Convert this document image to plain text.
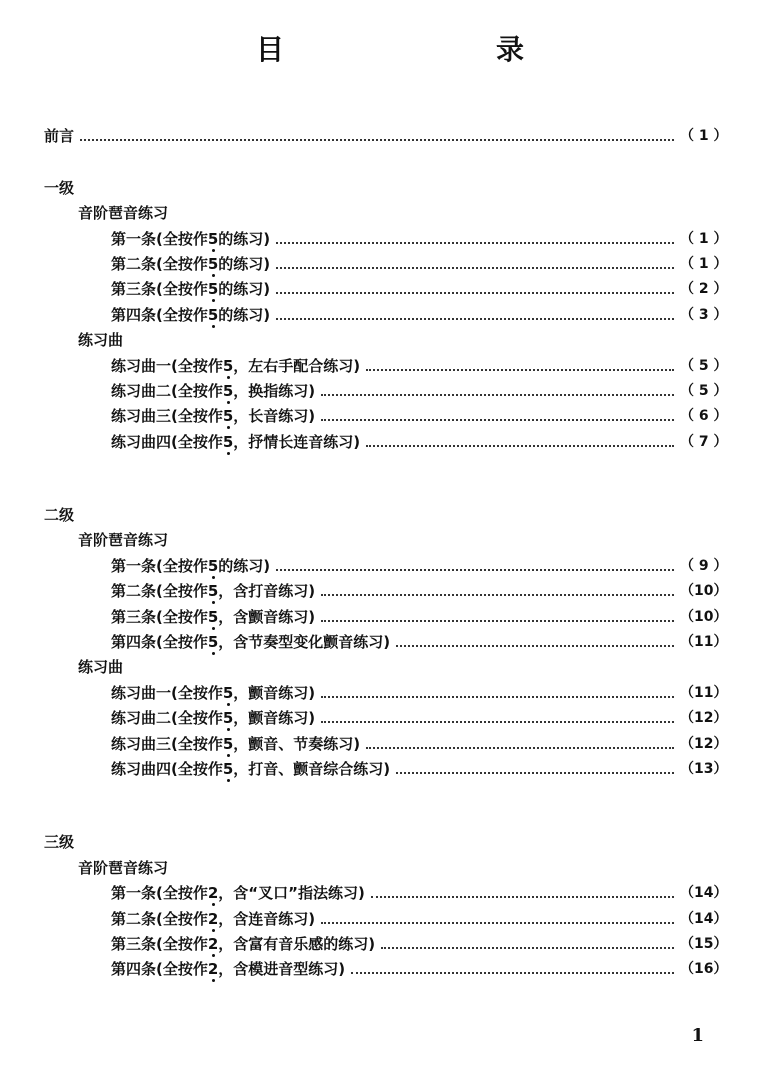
目　　录
前言	（ 1 ）
一级
音阶琶音练习
第一条(全按作5的练习)	（ 1 ）
第二条(全按作5的练习)	（ 1 ）
第三条(全按作5的练习)	（ 2 ）
第四条(全按作5的练习)	（ 3 ）
练习曲
练习曲一(全按作5，左右手配合练习)	（ 5 ）
练习曲二(全按作5，换指练习)	（ 5 ）
练习曲三(全按作5，长音练习)	（ 6 ）
练习曲四(全按作5，抒情长连音练习)	（ 7 ）
二级
音阶琶音练习
第一条(全按作5的练习)	（ 9 ）
第二条(全按作5，含打音练习)	（10）
第三条(全按作5，含颤音练习)	（10）
第四条(全按作5，含节奏型变化颤音练习)	（11）
练习曲
练习曲一(全按作5，颤音练习)	（11）
练习曲二(全按作5，颤音练习)	（12）
练习曲三(全按作5，颤音、节奏练习)	（12）
练习曲四(全按作5，打音、颤音综合练习)	（13）
三级
音阶琶音练习
第一条(全按作2，含“叉口”指法练习)	（14）
第二条(全按作2，含连音练习)	（14）
第三条(全按作2，含富有音乐感的练习)	（15）
第四条(全按作2，含模进音型练习)	（16）
1
